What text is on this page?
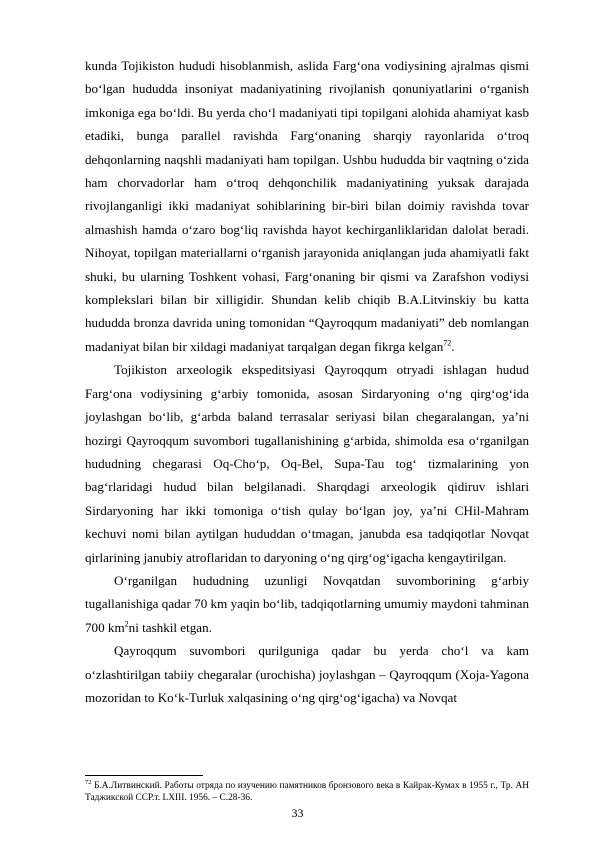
kunda Tojikiston hududi hisoblanmish, aslida Farg‘ona vodiysining ajralmas qismi bo‘lgan hududda insoniyat madaniyatining rivojlanish qonuniyatlarini o‘rganish imkoniga ega bo‘ldi. Bu yerda cho‘l madaniyati tipi topilgani alohida ahamiyat kasb etadiki, bunga parallel ravishda Farg‘onaning sharqiy rayonlarida o‘troq dehqonlarning naqshli madaniyati ham topilgan. Ushbu hududda bir vaqtning o‘zida ham chorvadorlar ham o‘troq dehqonchilik madaniyatining yuksak darajada rivojlanganligi ikki madaniyat sohiblarining bir-biri bilan doimiy ravishda tovar almashish hamda o‘zaro bog‘liq ravishda hayot kechirganliklaridan dalolat beradi. Nihoyat, topilgan materiallarni o‘rganish jarayonida aniqlangan juda ahamiyatli fakt shuki, bu ularning Toshkent vohasi, Farg‘onaning bir qismi va Zarafshon vodiysi komplekslari bilan bir xilligidir. Shundan kelib chiqib B.A.Litvinskiy bu katta hududda bronza davrida uning tomonidan “Qayroqqum madaniyati” deb nomlangan madaniyat bilan bir xildagi madaniyat tarqalgan degan fikrga kelgan$^{72}$.

Tojikiston arxeologik ekspeditsiyasi Qayroqqum otryadi ishlagan hudud Farg‘ona vodiysining g‘arbiy tomonida, asosan Sirdaryoning o‘ng qirg‘og‘ida joylashgan bo‘lib, g‘arbda baland terrasalar seriyasi bilan chegaralangan, ya’ni hozirgi Qayroqqum suvombori tugallanishining g‘arbida, shimolda esa o‘rganilgan hududning chegarasi Oq-Cho‘p, Oq-Bel, Supa-Tau tog‘ tizmalarining yon bag‘rlaridagi hudud bilan belgilanadi. Sharqdagi arxeologik qidiruv ishlari Sirdaryoning har ikki tomoniga o‘tish qulay bo‘lgan joy, ya’ni CHil-Mahram kechuvi nomi bilan aytilgan hududdan o‘tmagan, janubda esa tadqiqotlar Novqat qirlarining janubiy atroflaridan to daryoning o‘ng qirg‘og‘igacha kengaytirilgan.

O‘rganilgan hududning uzunligi Novqatdan suvomborining g‘arbiy tugallanishiga qadar 70 km yaqin bo‘lib, tadqiqotlarning umumiy maydoni tahminan 700 km$^2$ni tashkil etgan.

Qayroqqum suvombori qurilguniga qadar bu yerda cho‘l va kam o‘zlashtirilgan tabiiy chegaralar (urochisha) joylashgan – Qayroqqum (Xoja-Yagona mozoridan to Ko‘k-Turluk xalqasining o‘ng qirg‘og‘igacha) va Novqat

$^{72}$ Б.А.Литвинский. Работы отряда по изучению памятников бронзового века в Кайрак-Кумах в 1955 г., Тр. АН Таджикской ССР.т. LXIII. 1956. – С.28-36.

33
